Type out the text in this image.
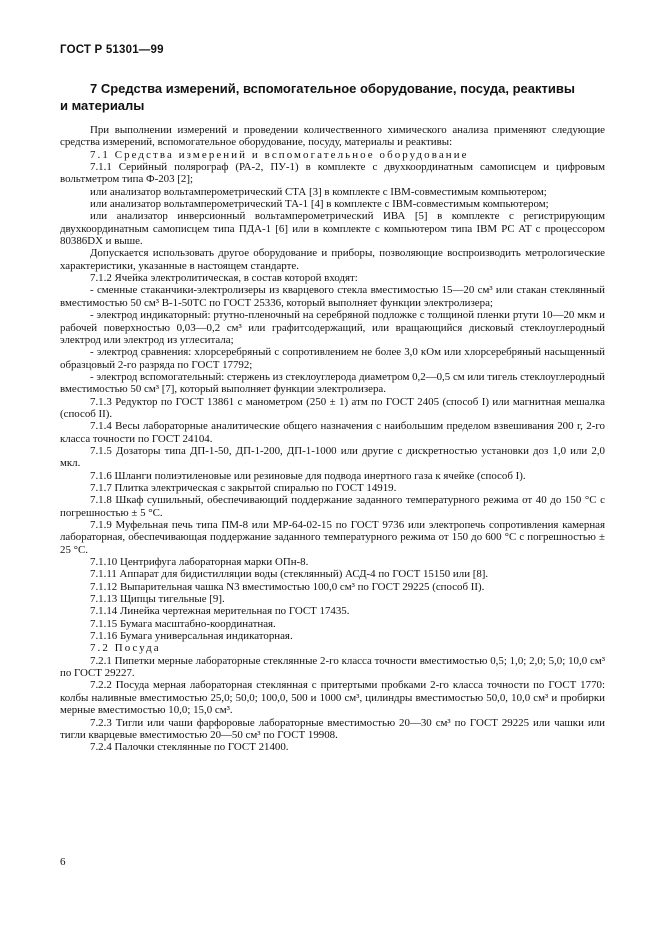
ГОСТ Р 51301—99
7 Средства измерений, вспомогательное оборудование, посуда, реактивы
и материалы

При выполнении измерений и проведении количественного химического анализа применяют следующие средства измерений, вспомогательное оборудование, посуду, материалы и реактивы:

7.1 Средства измерений и вспомогательное оборудование

7.1.1 Серийный полярограф (РА-2, ПУ-1) в комплекте с двухкоординатным самописцем и цифровым вольтметром типа Ф-203 [2];

или анализатор вольтамперометрический СТА [3] в комплекте с IBM-совместимым компьютером;

или анализатор вольтамперометрический ТА-1 [4] в комплекте с IBM-совместимым компьютером;

или анализатор инверсионный вольтамперометрический ИВА [5] в комплекте с регистрирующим двухкоординатным самописцем типа ПДА-1 [6] или в комплекте с компьютером типа IBM PC AT с процессором 80386DX и выше.

Допускается использовать другое оборудование и приборы, позволяющие воспроизводить метрологические характеристики, указанные в настоящем стандарте.

7.1.2 Ячейка электролитическая, в состав которой входят:

- сменные стаканчики-электролизеры из кварцевого стекла вместимостью 15—20 см³ или стакан стеклянный вместимостью 50 см³ В-1-50ТС по ГОСТ 25336, который выполняет функции электролизера;

- электрод индикаторный: ртутно-пленочный на серебряной подложке с толщиной пленки ртути 10—20 мкм и рабочей поверхностью 0,03—0,2 см³ или графитсодержащий, или вращающийся дисковый стеклоуглеродный электрод или электрод из углеситала;

- электрод сравнения: хлорсеребряный с сопротивлением не более 3,0 кОм или хлорсеребряный насыщенный образцовый 2-го разряда по ГОСТ 17792;

- электрод вспомогательный: стержень из стеклоуглерода диаметром 0,2—0,5 см или тигель стеклоуглеродный вместимостью 50 см³ [7], который выполняет функции электролизера.

7.1.3 Редуктор по ГОСТ 13861 с манометром (250 ± 1) атм по ГОСТ 2405 (способ I) или магнитная мешалка (способ II).

7.1.4 Весы лабораторные аналитические общего назначения с наибольшим пределом взвешивания 200 г, 2-го класса точности по ГОСТ 24104.

7.1.5 Дозаторы типа ДП-1-50, ДП-1-200, ДП-1-1000 или другие с дискретностью установки доз 1,0 или 2,0 мкл.

7.1.6 Шланги полиэтиленовые или резиновые для подвода инертного газа к ячейке (способ I).

7.1.7 Плитка электрическая с закрытой спиралью по ГОСТ 14919.

7.1.8 Шкаф сушильный, обеспечивающий поддержание заданного температурного режима от 40 до 150 °С с погрешностью ± 5 °С.

7.1.9 Муфельная печь типа ПМ-8 или МР-64-02-15 по ГОСТ 9736 или электропечь сопротивления камерная лабораторная, обеспечивающая поддержание заданного температурного режима от 150 до 600 °С с погрешностью ± 25 °С.

7.1.10 Центрифуга лабораторная марки ОПн-8.

7.1.11 Аппарат для бидистилляции воды (стеклянный) АСД-4 по ГОСТ 15150 или [8].

7.1.12 Выпарительная чашка N3 вместимостью 100,0 см³ по ГОСТ 29225 (способ II).

7.1.13 Щипцы тигельные [9].

7.1.14 Линейка чертежная мерительная по ГОСТ 17435.

7.1.15 Бумага масштабно-координатная.

7.1.16 Бумага универсальная индикаторная.

7.2 Посуда

7.2.1 Пипетки мерные лабораторные стеклянные 2-го класса точности вместимостью 0,5; 1,0; 2,0; 5,0; 10,0 см³ по ГОСТ 29227.

7.2.2 Посуда мерная лабораторная стеклянная с притертыми пробками 2-го класса точности по ГОСТ 1770: колбы наливные вместимостью 25,0; 50,0; 100,0, 500 и 1000 см³, цилиндры вместимостью 50,0, 10,0 см³ и пробирки мерные вместимостью 10,0; 15,0 см³.

7.2.3 Тигли или чаши фарфоровые лабораторные вместимостью 20—30 см³ по ГОСТ 29225 или чашки или тигли кварцевые вместимостью 20—50 см³ по ГОСТ 19908.

7.2.4 Палочки стеклянные по ГОСТ 21400.

6
